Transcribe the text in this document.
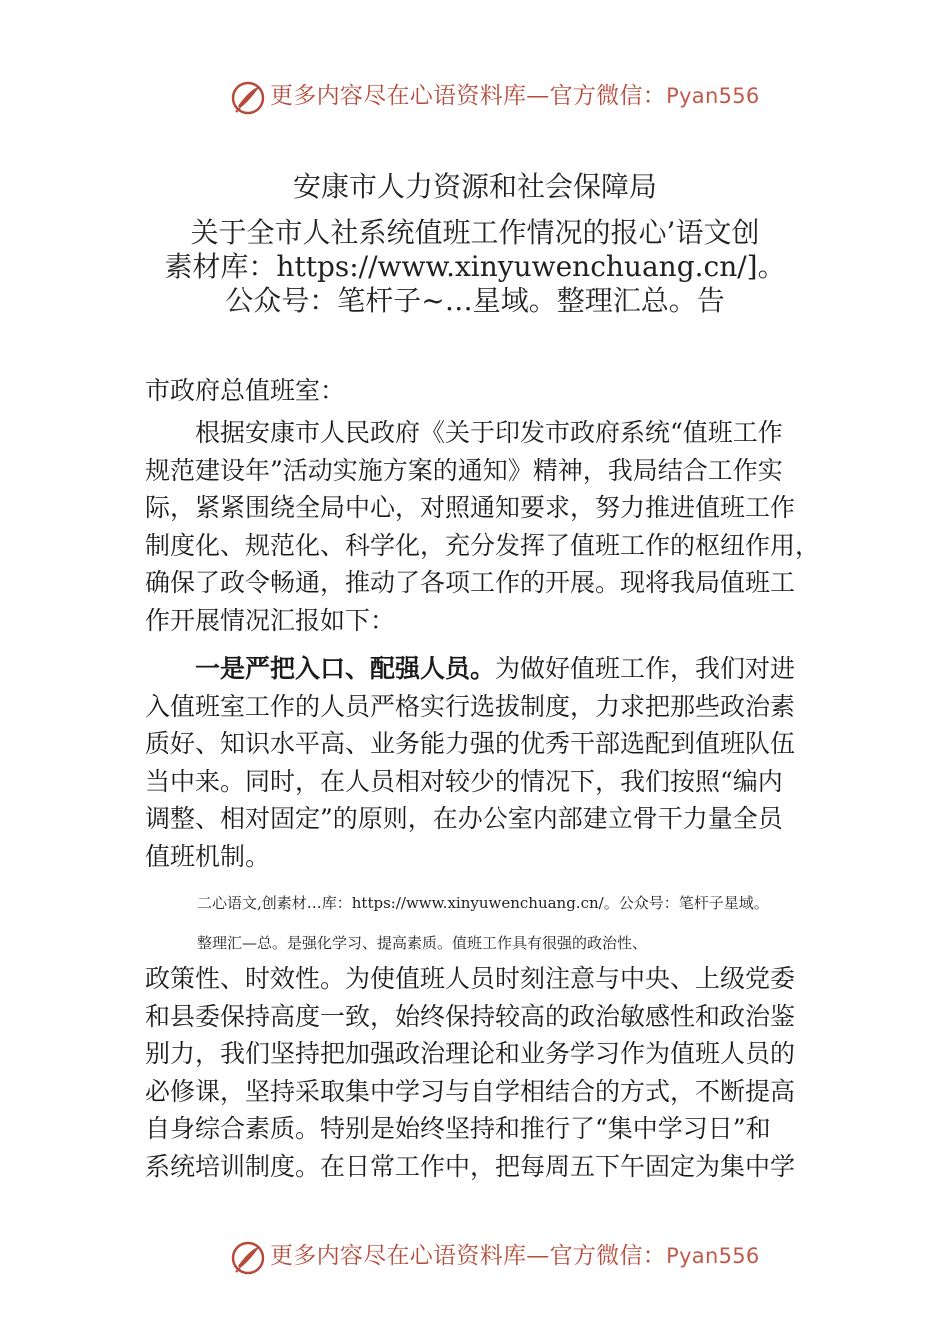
更多内容尽在心语资料库—官方微信：Pyan556
安康市人力资源和社会保障局
关于全市人社系统值班工作情况的报心’语文创
素材库：https://www.xinyuwenchuang.cn/]。
公众号：笔杆子~…星域。整理汇总。告
市政府总值班室：
　　根据安康市人民政府《关于印发市政府系统“值班工作
规范建设年”活动实施方案的通知》精神，我局结合工作实
际，紧紧围绕全局中心，对照通知要求，努力推进值班工作
制度化、规范化、科学化，充分发挥了值班工作的枢纽作用，
确保了政令畅通，推动了各项工作的开展。现将我局值班工
作开展情况汇报如下：
　　一是严把入口、配强人员。为做好值班工作，我们对进
入值班室工作的人员严格实行选拔制度，力求把那些政治素
质好、知识水平高、业务能力强的优秀干部选配到值班队伍
当中来。同时，在人员相对较少的情况下，我们按照“编内
调整、相对固定”的原则，在办公室内部建立骨干力量全员
值班机制。
二心语文,创素材…库：https://www.xinyuwenchuang.cn/。公众号：笔杆子星域。
整理汇—总。是强化学习、提高素质。值班工作具有很强的政治性、
政策性、时效性。为使值班人员时刻注意与中央、上级党委
和县委保持高度一致，始终保持较高的政治敏感性和政治鉴
别力，我们坚持把加强政治理论和业务学习作为值班人员的
必修课，坚持采取集中学习与自学相结合的方式，不断提高
自身综合素质。特别是始终坚持和推行了“集中学习日”和
系统培训制度。在日常工作中，把每周五下午固定为集中学
更多内容尽在心语资料库—官方微信：Pyan556
